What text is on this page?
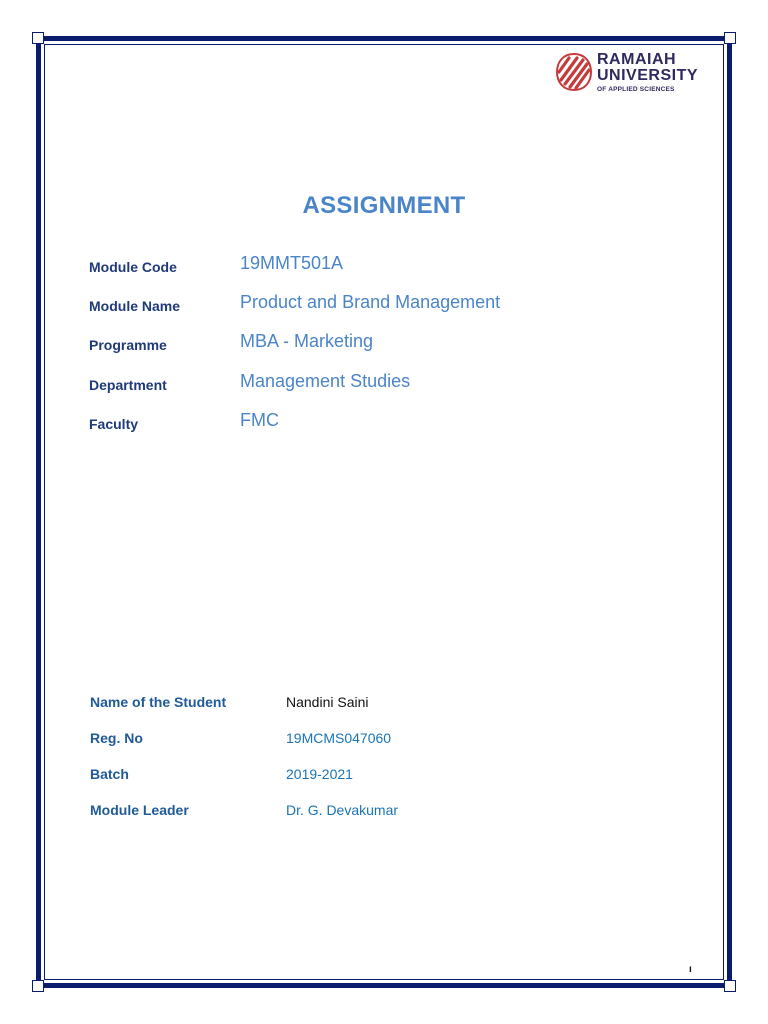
RAMAIAH
UNIVERSITY
OF APPLIED SCIENCES
ASSIGNMENT
Module Code	19MMT501A
Module Name	Product and Brand Management
Programme	MBA - Marketing
Department	Management Studies
Faculty	FMC
Name of the Student	Nandini Saini
Reg. No	19MCMS047060
Batch	2019-2021
Module Leader	Dr. G. Devakumar
ı
